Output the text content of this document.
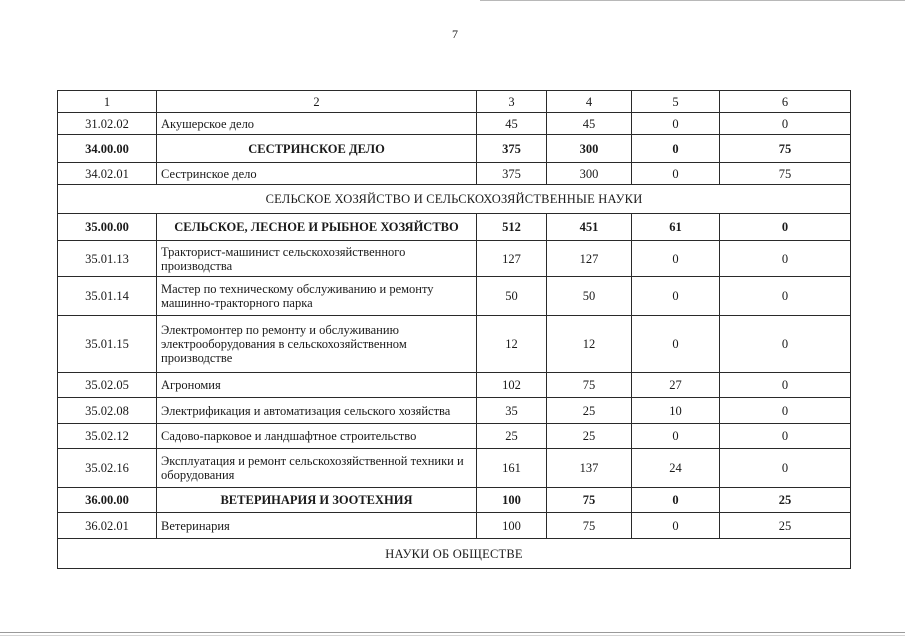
7
1	2	3	4	5	6
31.02.02	Акушерское дело	45	45	0	0
34.00.00	СЕСТРИНСКОЕ ДЕЛО	375	300	0	75
34.02.01	Сестринское дело	375	300	0	75
СЕЛЬСКОЕ ХОЗЯЙСТВО И СЕЛЬСКОХОЗЯЙСТВЕННЫЕ НАУКИ					
35.00.00	СЕЛЬСКОЕ, ЛЕСНОЕ И РЫБНОЕ ХОЗЯЙСТВО	512	451	61	0
35.01.13	Тракторист-машинист сельскохозяйственного производства	127	127	0	0
35.01.14	Мастер по техническому обслуживанию и ремонту машинно-тракторного парка	50	50	0	0
35.01.15	Электромонтер по ремонту и обслуживанию электрооборудования в сельскохозяйственном производстве	12	12	0	0
35.02.05	Агрономия	102	75	27	0
35.02.08	Электрификация и автоматизация сельского хозяйства	35	25	10	0
35.02.12	Садово-парковое и ландшафтное строительство	25	25	0	0
35.02.16	Эксплуатация и ремонт сельскохозяйственной техники и оборудования	161	137	24	0
36.00.00	ВЕТЕРИНАРИЯ И ЗООТЕХНИЯ	100	75	0	25
36.02.01	Ветеринария	100	75	0	25
НАУКИ ОБ ОБЩЕСТВЕ					
